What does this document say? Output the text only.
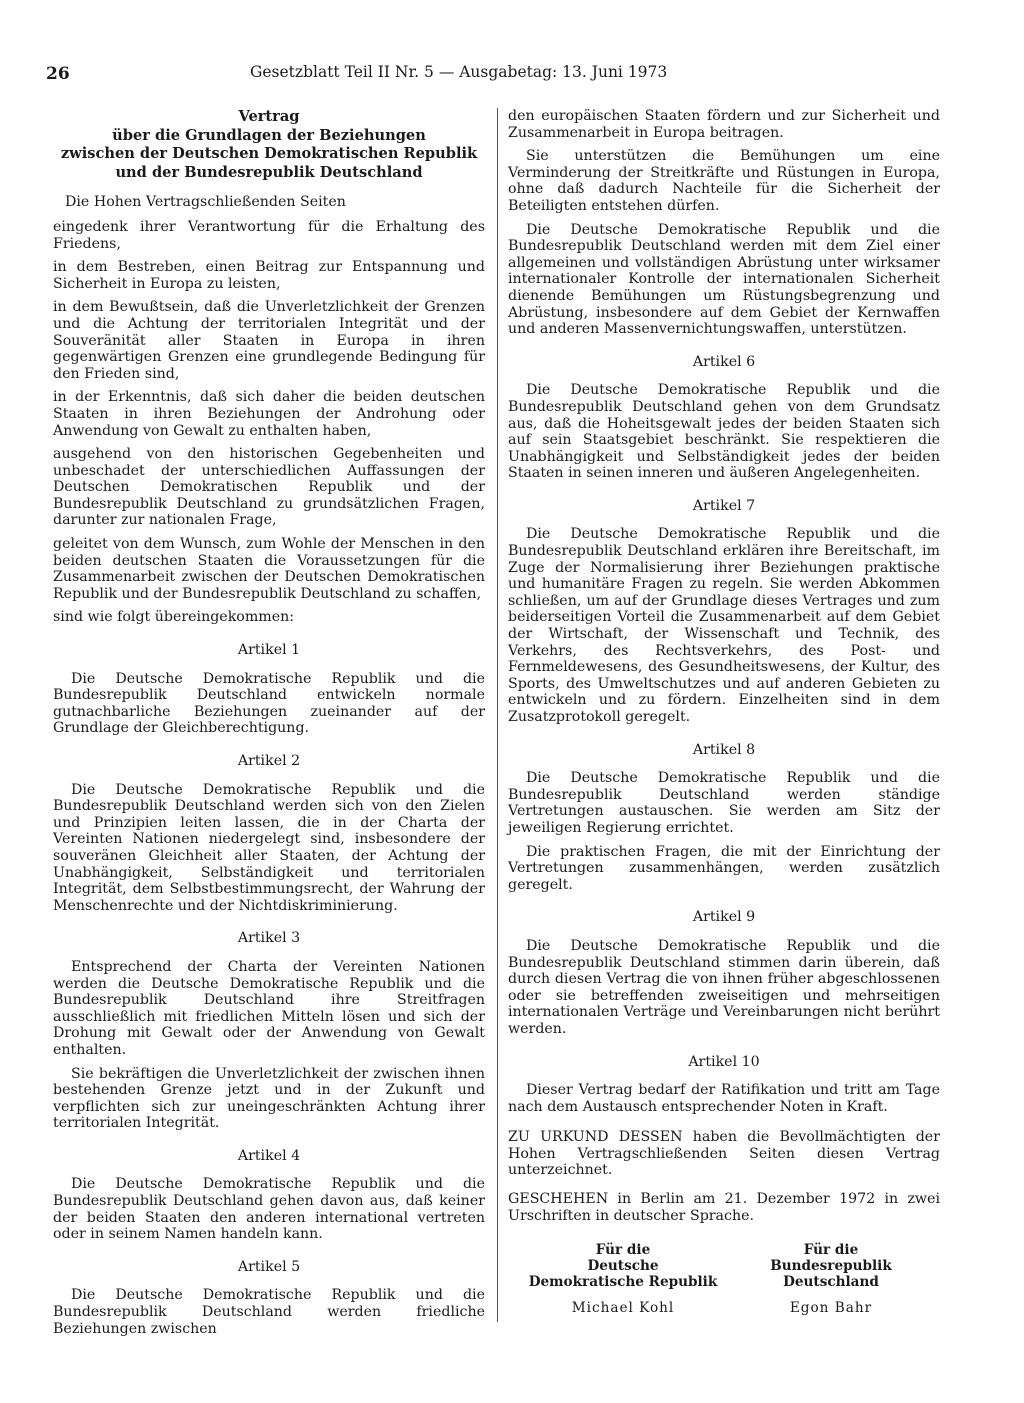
26	Gesetzblatt Teil II Nr. 5 — Ausgabetag: 13. Juni 1973
Vertrag
über die Grundlagen der Beziehungen
zwischen der Deutschen Demokratischen Republik
und der Bundesrepublik Deutschland

Die Hohen Vertragschließenden Seiten

eingedenk ihrer Verantwortung für die Erhaltung des Friedens,

in dem Bestreben, einen Beitrag zur Entspannung und Sicherheit in Europa zu leisten,

in dem Bewußtsein, daß die Unverletzlichkeit der Grenzen und die Achtung der territorialen Integrität und der Souveränität aller Staaten in Europa in ihren gegenwärtigen Grenzen eine grundlegende Bedingung für den Frieden sind,

in der Erkenntnis, daß sich daher die beiden deutschen Staaten in ihren Beziehungen der Androhung oder Anwendung von Gewalt zu enthalten haben,

ausgehend von den historischen Gegebenheiten und unbeschadet der unterschiedlichen Auffassungen der Deutschen Demokratischen Republik und der Bundesrepublik Deutschland zu grundsätzlichen Fragen, darunter zur nationalen Frage,

geleitet von dem Wunsch, zum Wohle der Menschen in den beiden deutschen Staaten die Voraussetzungen für die Zusammenarbeit zwischen der Deutschen Demokratischen Republik und der Bundesrepublik Deutschland zu schaffen,

sind wie folgt übereingekommen:

Artikel 1

Die Deutsche Demokratische Republik und die Bundesrepublik Deutschland entwickeln normale gutnachbarliche Beziehungen zueinander auf der Grundlage der Gleichberechtigung.

Artikel 2

Die Deutsche Demokratische Republik und die Bundesrepublik Deutschland werden sich von den Zielen und Prinzipien leiten lassen, die in der Charta der Vereinten Nationen niedergelegt sind, insbesondere der souveränen Gleichheit aller Staaten, der Achtung der Unabhängigkeit, Selbständigkeit und territorialen Integrität, dem Selbstbestimmungsrecht, der Wahrung der Menschenrechte und der Nichtdiskriminierung.

Artikel 3

Entsprechend der Charta der Vereinten Nationen werden die Deutsche Demokratische Republik und die Bundesrepublik Deutschland ihre Streitfragen ausschließlich mit friedlichen Mitteln lösen und sich der Drohung mit Gewalt oder der Anwendung von Gewalt enthalten.

Sie bekräftigen die Unverletzlichkeit der zwischen ihnen bestehenden Grenze jetzt und in der Zukunft und verpflichten sich zur uneingeschränkten Achtung ihrer territorialen Integrität.

Artikel 4

Die Deutsche Demokratische Republik und die Bundesrepublik Deutschland gehen davon aus, daß keiner der beiden Staaten den anderen international vertreten oder in seinem Namen handeln kann.

Artikel 5

Die Deutsche Demokratische Republik und die Bundesrepublik Deutschland werden friedliche Beziehungen zwischen

den europäischen Staaten fördern und zur Sicherheit und Zusammenarbeit in Europa beitragen.

Sie unterstützen die Bemühungen um eine Verminderung der Streitkräfte und Rüstungen in Europa, ohne daß dadurch Nachteile für die Sicherheit der Beteiligten entstehen dürfen.

Die Deutsche Demokratische Republik und die Bundesrepublik Deutschland werden mit dem Ziel einer allgemeinen und vollständigen Abrüstung unter wirksamer internationaler Kontrolle der internationalen Sicherheit dienende Bemühungen um Rüstungsbegrenzung und Abrüstung, insbesondere auf dem Gebiet der Kernwaffen und anderen Massenvernichtungswaffen, unterstützen.

Artikel 6

Die Deutsche Demokratische Republik und die Bundesrepublik Deutschland gehen von dem Grundsatz aus, daß die Hoheitsgewalt jedes der beiden Staaten sich auf sein Staatsgebiet beschränkt. Sie respektieren die Unabhängigkeit und Selbständigkeit jedes der beiden Staaten in seinen inneren und äußeren Angelegenheiten.

Artikel 7

Die Deutsche Demokratische Republik und die Bundesrepublik Deutschland erklären ihre Bereitschaft, im Zuge der Normalisierung ihrer Beziehungen praktische und humanitäre Fragen zu regeln. Sie werden Abkommen schließen, um auf der Grundlage dieses Vertrages und zum beiderseitigen Vorteil die Zusammenarbeit auf dem Gebiet der Wirtschaft, der Wissenschaft und Technik, des Verkehrs, des Rechtsverkehrs, des Post- und Fernmeldewesens, des Gesundheitswesens, der Kultur, des Sports, des Umweltschutzes und auf anderen Gebieten zu entwickeln und zu fördern. Einzelheiten sind in dem Zusatzprotokoll geregelt.

Artikel 8

Die Deutsche Demokratische Republik und die Bundesrepublik Deutschland werden ständige Vertretungen austauschen. Sie werden am Sitz der jeweiligen Regierung errichtet.

Die praktischen Fragen, die mit der Einrichtung der Vertretungen zusammenhängen, werden zusätzlich geregelt.

Artikel 9

Die Deutsche Demokratische Republik und die Bundesrepublik Deutschland stimmen darin überein, daß durch diesen Vertrag die von ihnen früher abgeschlossenen oder sie betreffenden zweiseitigen und mehrseitigen internationalen Verträge und Vereinbarungen nicht berührt werden.

Artikel 10

Dieser Vertrag bedarf der Ratifikation und tritt am Tage nach dem Austausch entsprechender Noten in Kraft.

ZU URKUND DESSEN haben die Bevollmächtigten der Hohen Vertragschließenden Seiten diesen Vertrag unterzeichnet.

GESCHEHEN in Berlin am 21. Dezember 1972 in zwei Urschriften in deutscher Sprache.

Für die
Deutsche
Demokratische Republik
Michael Kohl
Für die
Bundesrepublik
Deutschland
Egon Bahr
